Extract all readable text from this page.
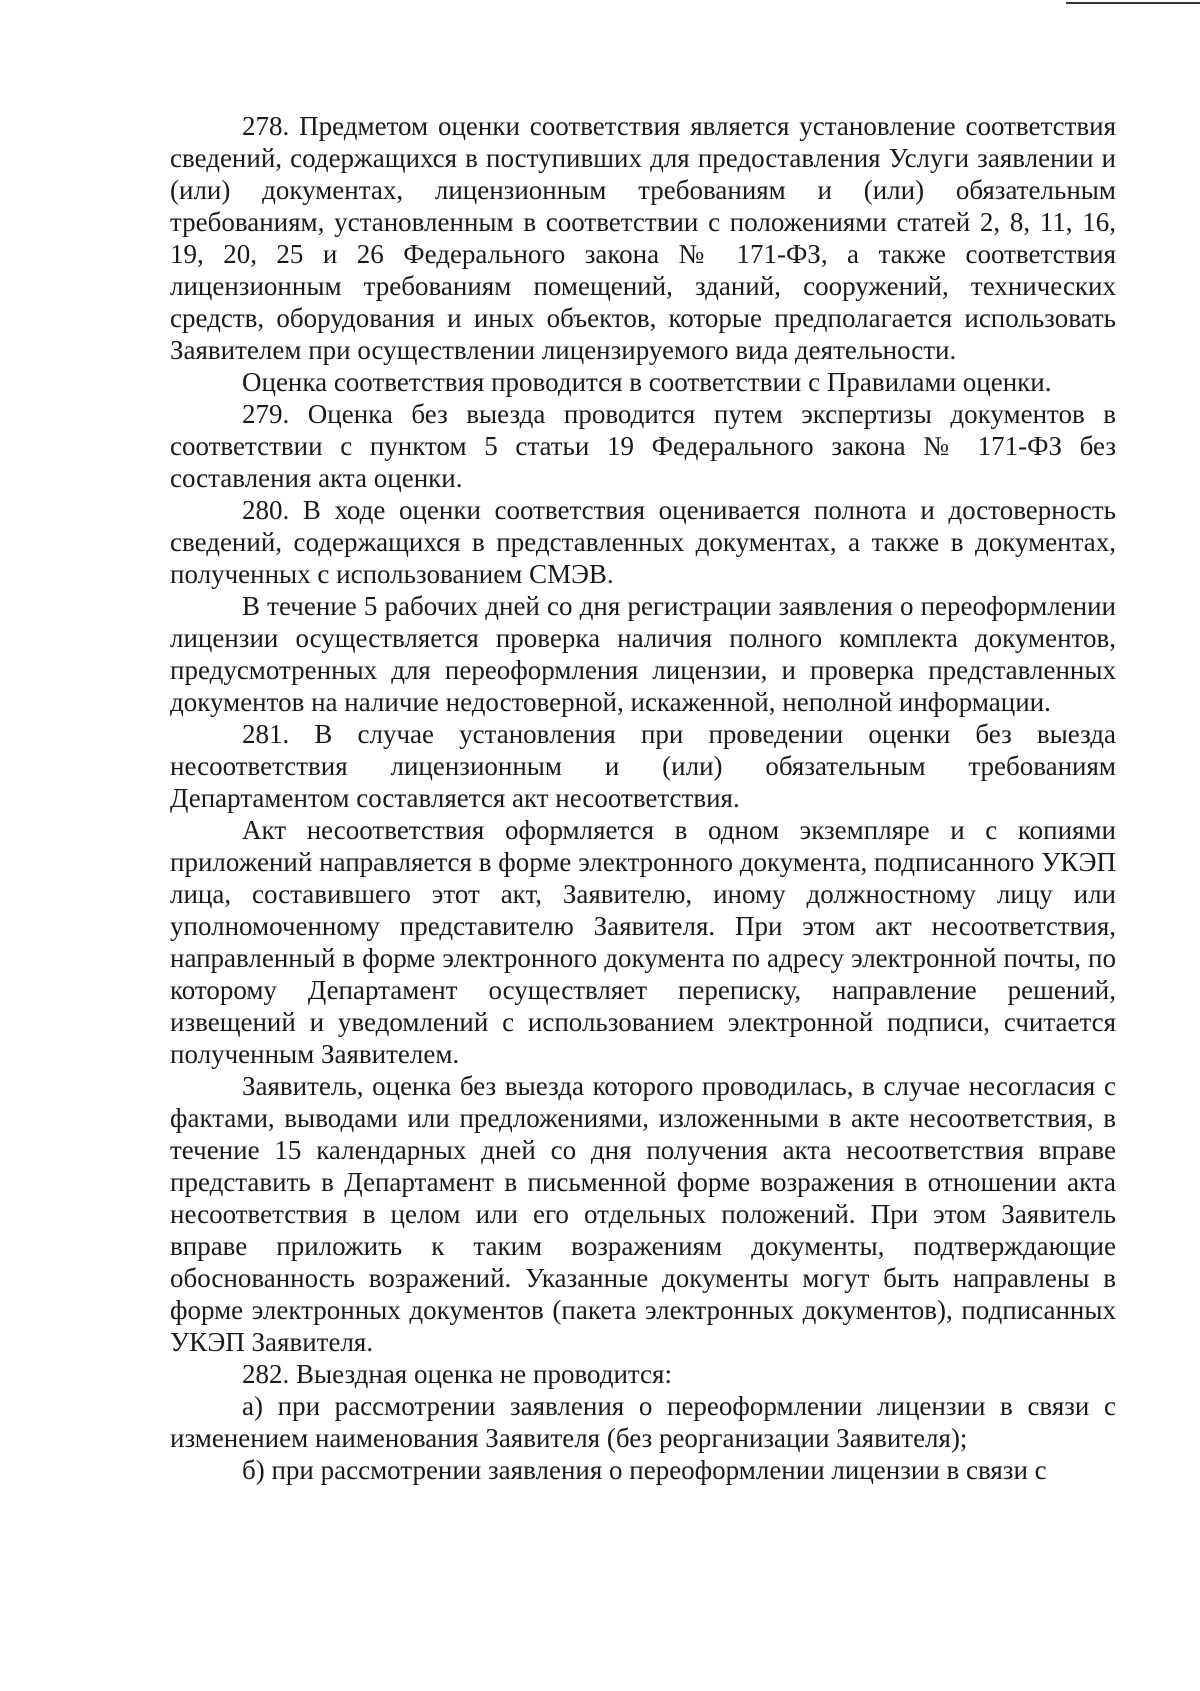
278. Предметом оценки соответствия является установление соответствия сведений, содержащихся в поступивших для предоставления Услуги заявлении и (или) документах, лицензионным требованиям и (или) обязательным требованиям, установленным в соответствии с положениями статей 2, 8, 11, 16, 19, 20, 25 и 26 Федерального закона № 171-ФЗ, а также соответствия лицензионным требованиям помещений, зданий, сооружений, технических средств, оборудования и иных объектов, которые предполагается использовать Заявителем при осуществлении лицензируемого вида деятельности.

Оценка соответствия проводится в соответствии с Правилами оценки.

279. Оценка без выезда проводится путем экспертизы документов в соответствии с пунктом 5 статьи 19 Федерального закона № 171-ФЗ без составления акта оценки.

280. В ходе оценки соответствия оценивается полнота и достоверность сведений, содержащихся в представленных документах, а также в документах, полученных с использованием СМЭВ.

В течение 5 рабочих дней со дня регистрации заявления о переоформлении лицензии осуществляется проверка наличия полного комплекта документов, предусмотренных для переоформления лицензии, и проверка представленных документов на наличие недостоверной, искаженной, неполной информации.

281. В случае установления при проведении оценки без выезда несоответствия лицензионным и (или) обязательным требованиям Департаментом составляется акт несоответствия.

Акт несоответствия оформляется в одном экземпляре и с копиями приложений направляется в форме электронного документа, подписанного УКЭП лица, составившего этот акт, Заявителю, иному должностному лицу или уполномоченному представителю Заявителя. При этом акт несоответствия, направленный в форме электронного документа по адресу электронной почты, по которому Департамент осуществляет переписку, направление решений, извещений и уведомлений с использованием электронной подписи, считается полученным Заявителем.

Заявитель, оценка без выезда которого проводилась, в случае несогласия с фактами, выводами или предложениями, изложенными в акте несоответствия, в течение 15 календарных дней со дня получения акта несоответствия вправе представить в Департамент в письменной форме возражения в отношении акта несоответствия в целом или его отдельных положений. При этом Заявитель вправе приложить к таким возражениям документы, подтверждающие обоснованность возражений. Указанные документы могут быть направлены в форме электронных документов (пакета электронных документов), подписанных УКЭП Заявителя.

282. Выездная оценка не проводится:

а) при рассмотрении заявления о переоформлении лицензии в связи с изменением наименования Заявителя (без реорганизации Заявителя);

б) при рассмотрении заявления о переоформлении лицензии в связи с
